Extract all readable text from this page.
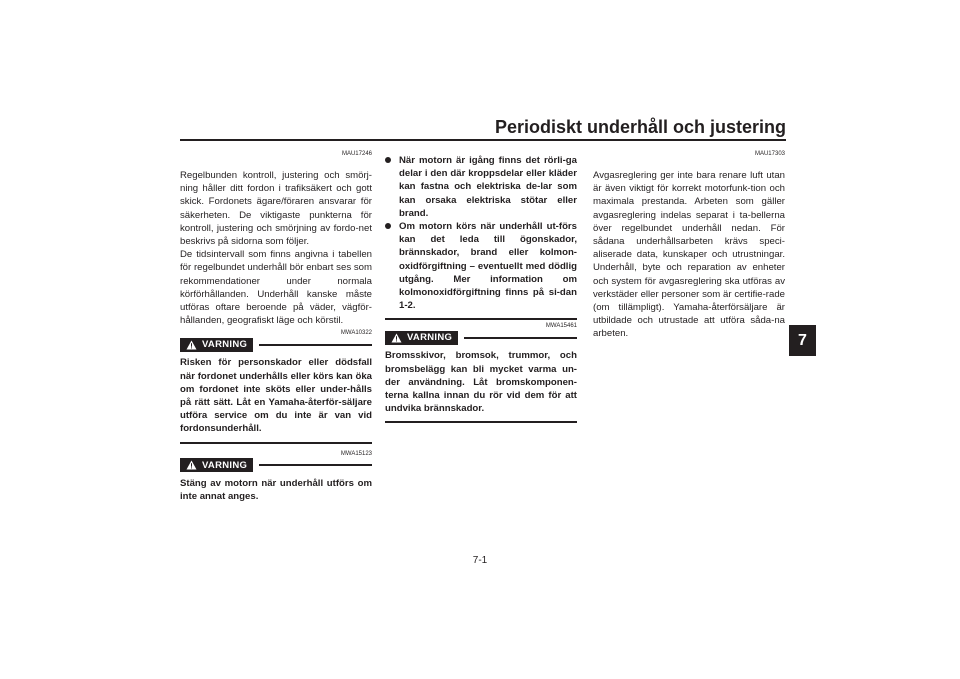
Periodiskt underhåll och justering
7
MAU17246

Regelbunden kontroll, justering och smörj-ning håller ditt fordon i trafiksäkert och gott skick. Fordonets ägare/föraren ansvarar för säkerheten. De viktigaste punkterna för kontroll, justering och smörjning av fordo-net beskrivs på sidorna som följer.

De tidsintervall som finns angivna i tabellen för regelbundet underhåll bör enbart ses som rekommendationer under normala körförhållanden. Underhåll kanske måste utföras oftare beroende på väder, vägför-hållanden, geografiskt läge och körstil.

MWA10322
VARNING

Risken för personskador eller dödsfall när fordonet underhålls eller körs kan öka om fordonet inte sköts eller under-hålls på rätt sätt. Låt en Yamaha-återför-säljare utföra service om du inte är van vid fordonsunderhåll.

MWA15123
VARNING

Stäng av motorn när underhåll utförs om inte annat anges.

När motorn är igång finns det rörli-ga delar i den där kroppsdelar eller kläder kan fastna och elektriska de-lar som kan orsaka elektriska stötar eller brand.
Om motorn körs när underhåll ut-förs kan det leda till ögonskador, brännskador, brand eller kolmon-oxidförgiftning – eventuellt med dödlig utgång. Mer information om kolmonoxidförgiftning finns på si-dan 1-2.
MWA15461
VARNING

Bromsskivor, bromsok, trummor, och bromsbelägg kan bli mycket varma un-der användning. Låt bromskomponen-terna kallna innan du rör vid dem för att undvika brännskador.

MAU17303

Avgasreglering ger inte bara renare luft utan är även viktigt för korrekt motorfunk-tion och maximala prestanda. Arbeten som gäller avgasreglering indelas separat i ta-bellerna över regelbundet underhåll nedan. För sådana underhållsarbeten krävs speci-aliserade data, kunskaper och utrustningar. Underhåll, byte och reparation av enheter och system för avgasreglering ska utföras av verkstäder eller personer som är certifie-rade (om tillämpligt). Yamaha-återförsäljare är utbildade och utrustade att utföra såda-na arbeten.

7-1
